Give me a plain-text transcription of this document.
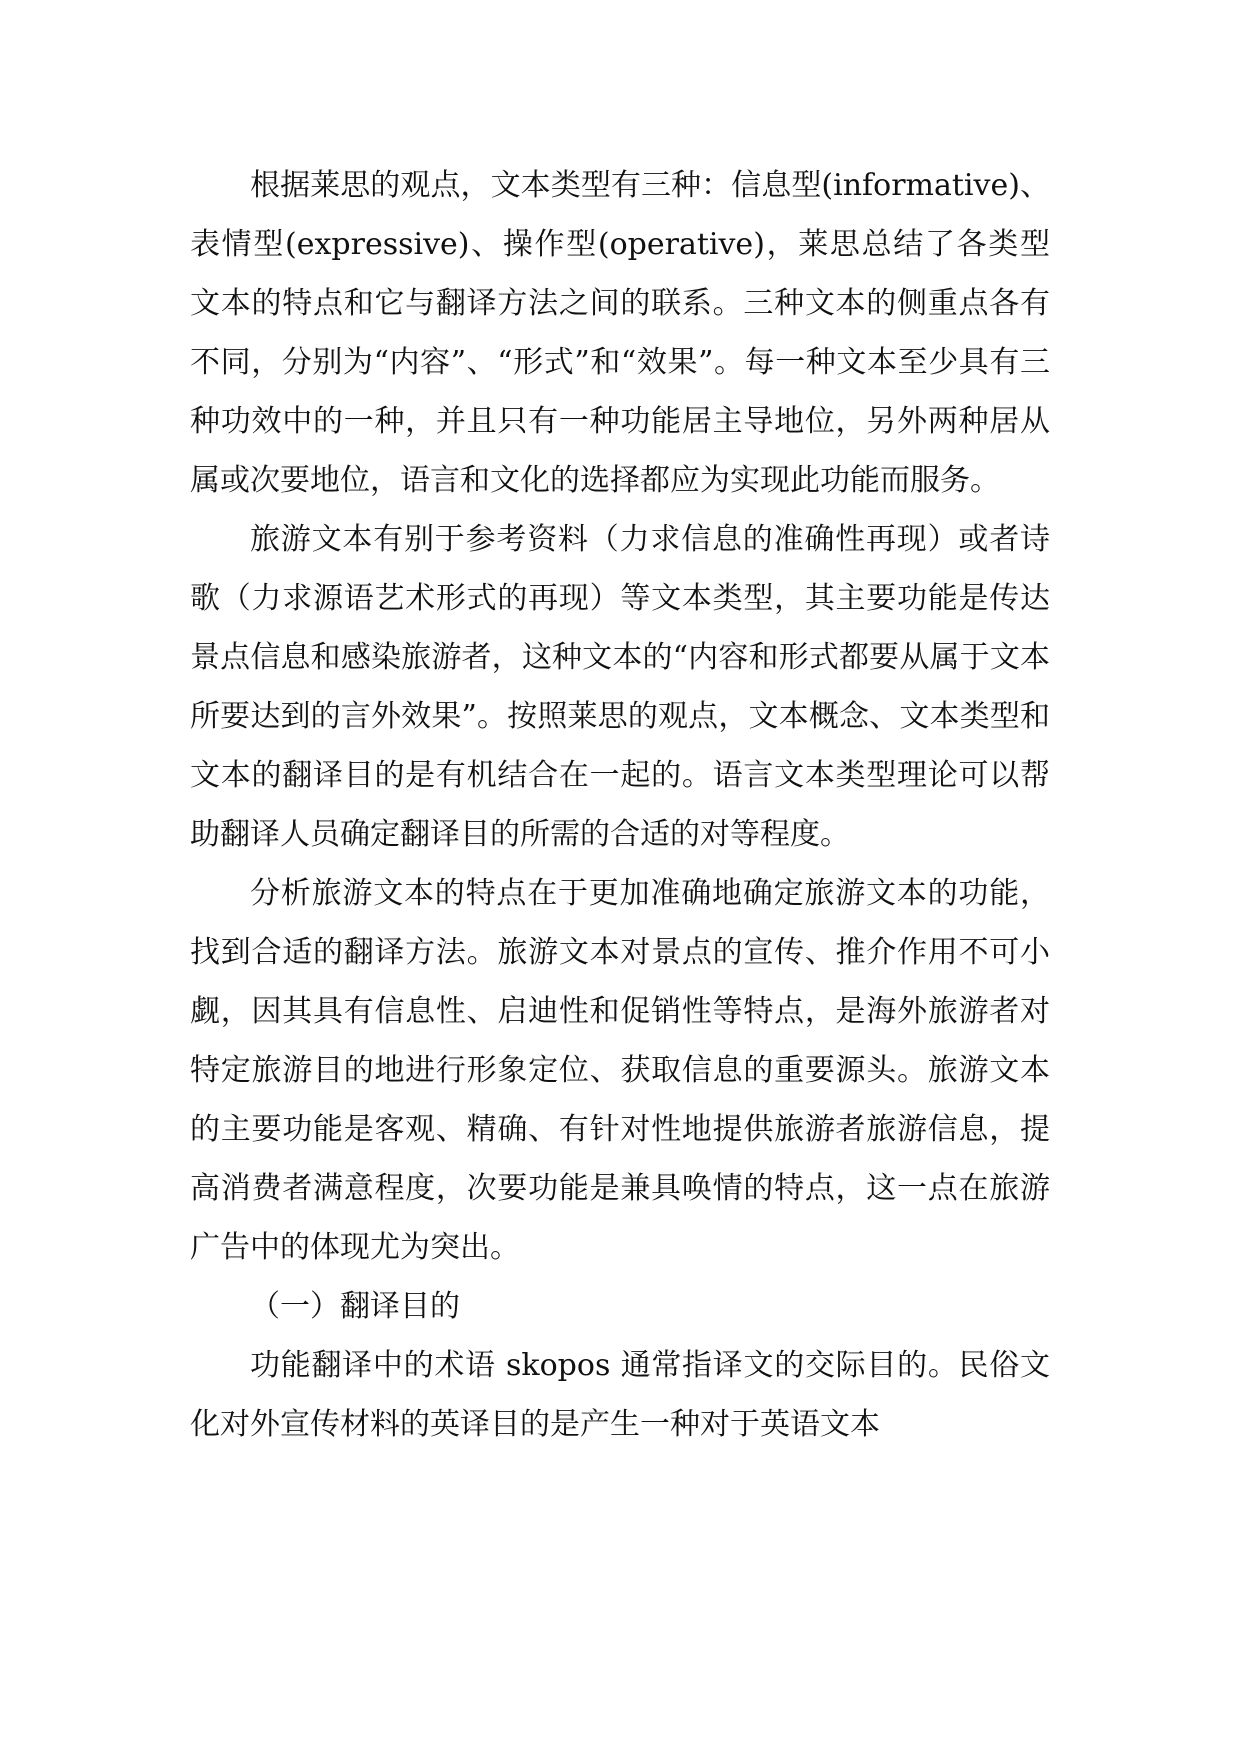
根据莱思的观点，文本类型有三种：信息型(informative)、表情型(expressive)、操作型(operative)，莱思总结了各类型文本的特点和它与翻译方法之间的联系。三种文本的侧重点各有不同，分别为“内容”、“形式”和“效果”。每一种文本至少具有三种功效中的一种，并且只有一种功能居主导地位，另外两种居从属或次要地位，语言和文化的选择都应为实现此功能而服务。

旅游文本有别于参考资料（力求信息的准确性再现）或者诗歌（力求源语艺术形式的再现）等文本类型，其主要功能是传达景点信息和感染旅游者，这种文本的“内容和形式都要从属于文本所要达到的言外效果”。按照莱思的观点，文本概念、文本类型和文本的翻译目的是有机结合在一起的。语言文本类型理论可以帮助翻译人员确定翻译目的所需的合适的对等程度。

分析旅游文本的特点在于更加准确地确定旅游文本的功能，找到合适的翻译方法。旅游文本对景点的宣传、推介作用不可小觑，因其具有信息性、启迪性和促销性等特点，是海外旅游者对特定旅游目的地进行形象定位、获取信息的重要源头。旅游文本的主要功能是客观、精确、有针对性地提供旅游者旅游信息，提高消费者满意程度，次要功能是兼具唤情的特点，这一点在旅游广告中的体现尤为突出。

（一）翻译目的

功能翻译中的术语 skopos 通常指译文的交际目的。民俗文化对外宣传材料的英译目的是产生一种对于英语文本
